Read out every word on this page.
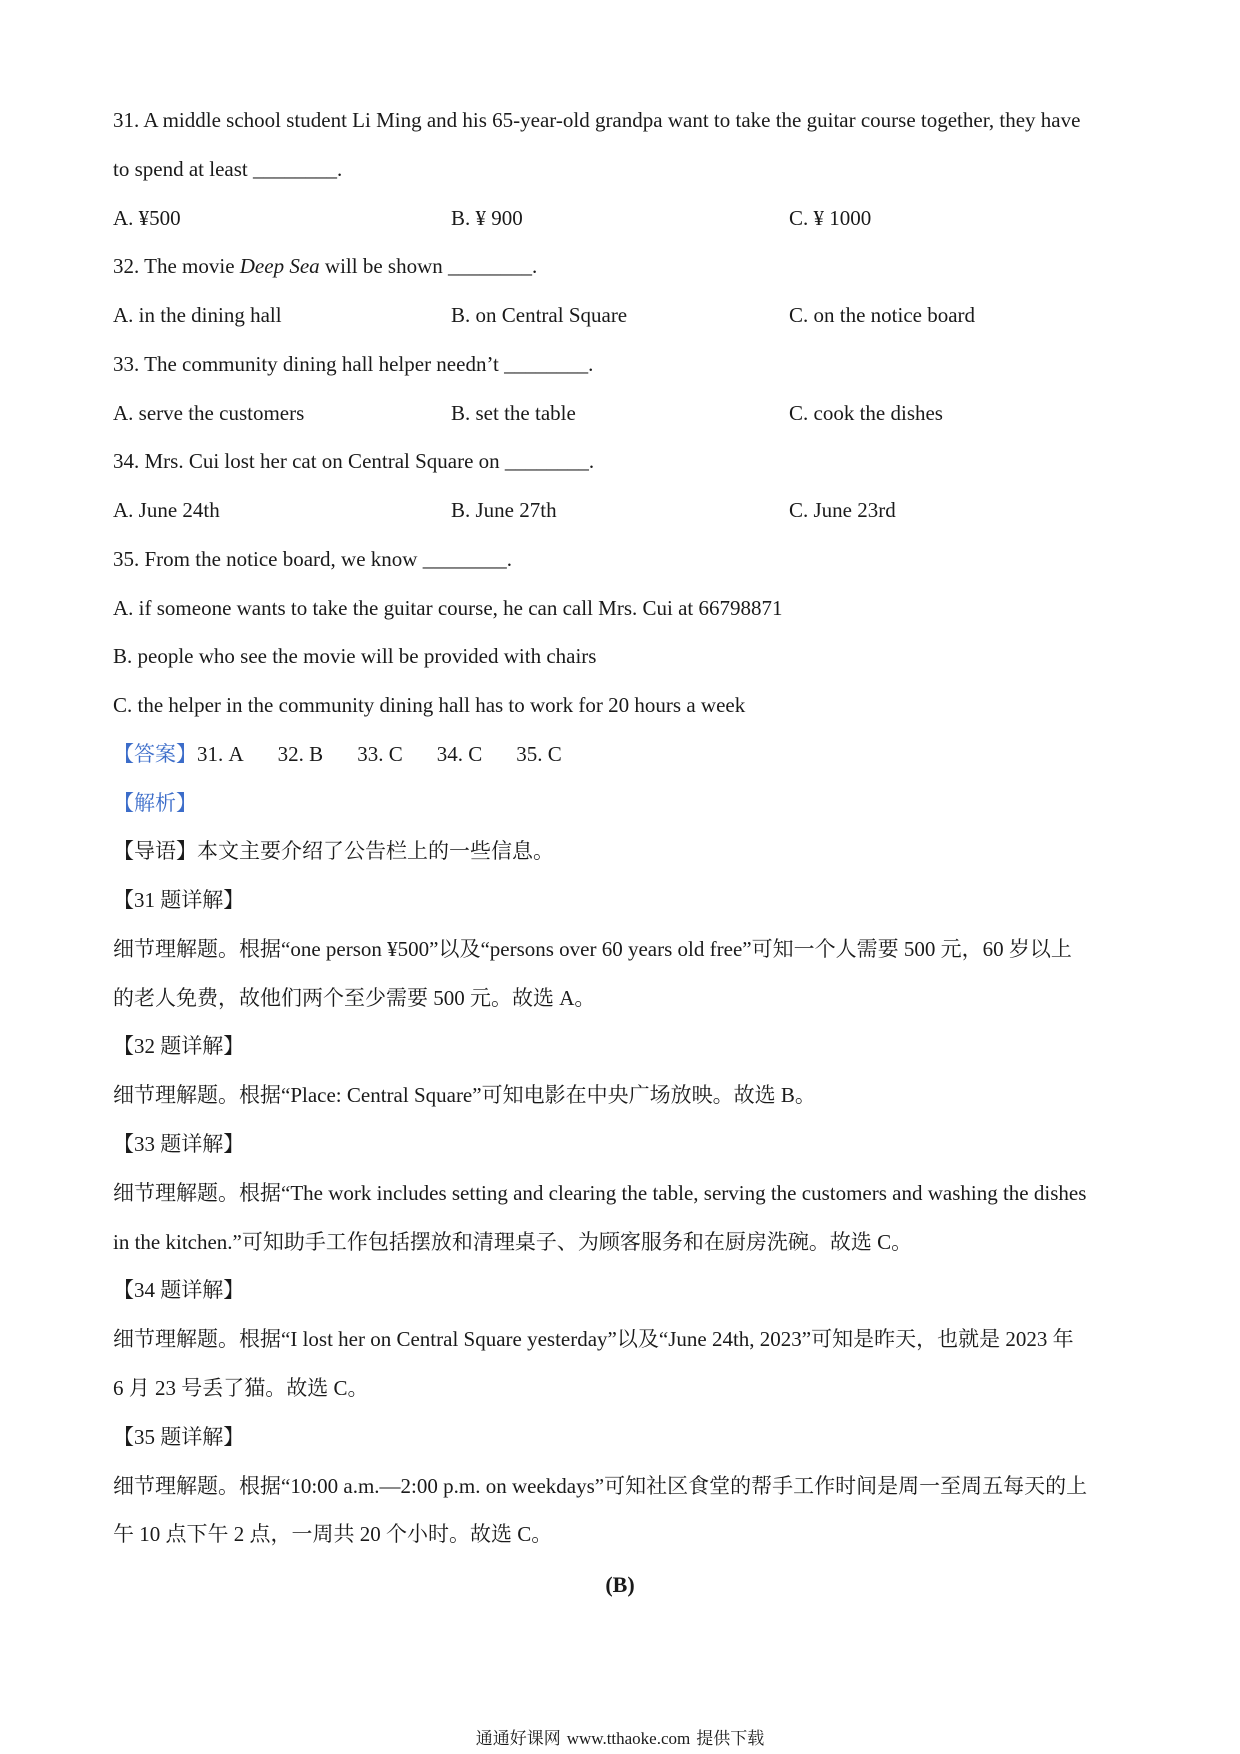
31. A middle school student Li Ming and his 65-year-old grandpa want to take the guitar course together, they have
to spend at least ________.
A. ¥500	B. ¥ 900	C. ¥ 1000
32. The movie Deep Sea will be shown ________.
A. in the dining hall	B. on Central Square	C. on the notice board
33. The community dining hall helper needn’t ________.
A. serve the customers	B. set the table	C. cook the dishes
34. Mrs. Cui lost her cat on Central Square on ________.
A. June 24th	B. June 27th	C. June 23rd
35. From the notice board, we know ________.
A. if someone wants to take the guitar course, he can call Mrs. Cui at 66798871
B. people who see the movie will be provided with chairs
C. the helper in the community dining hall has to work for 20 hours a week
【答案】31. A 32. B 33. C 34. C 35. C
【解析】
【导语】本文主要介绍了公告栏上的一些信息。
【31 题详解】
细节理解题。根据“one person ¥500”以及“persons over 60 years old free”可知一个人需要 500 元，60 岁以上
的老人免费，故他们两个至少需要 500 元。故选 A。
【32 题详解】
细节理解题。根据“Place: Central Square”可知电影在中央广场放映。故选 B。
【33 题详解】
细节理解题。根据“The work includes setting and clearing the table, serving the customers and washing the dishes
in the kitchen.”可知助手工作包括摆放和清理桌子、为顾客服务和在厨房洗碗。故选 C。
【34 题详解】
细节理解题。根据“I lost her on Central Square yesterday”以及“June 24th, 2023”可知是昨天，也就是 2023 年
6 月 23 号丢了猫。故选 C。
【35 题详解】
细节理解题。根据“10:00 a.m.—2:00 p.m. on weekdays”可知社区食堂的帮手工作时间是周一至周五每天的上
午 10 点下午 2 点，一周共 20 个小时。故选 C。
(B)
通通好课网 www.tthaoke.com 提供下载
